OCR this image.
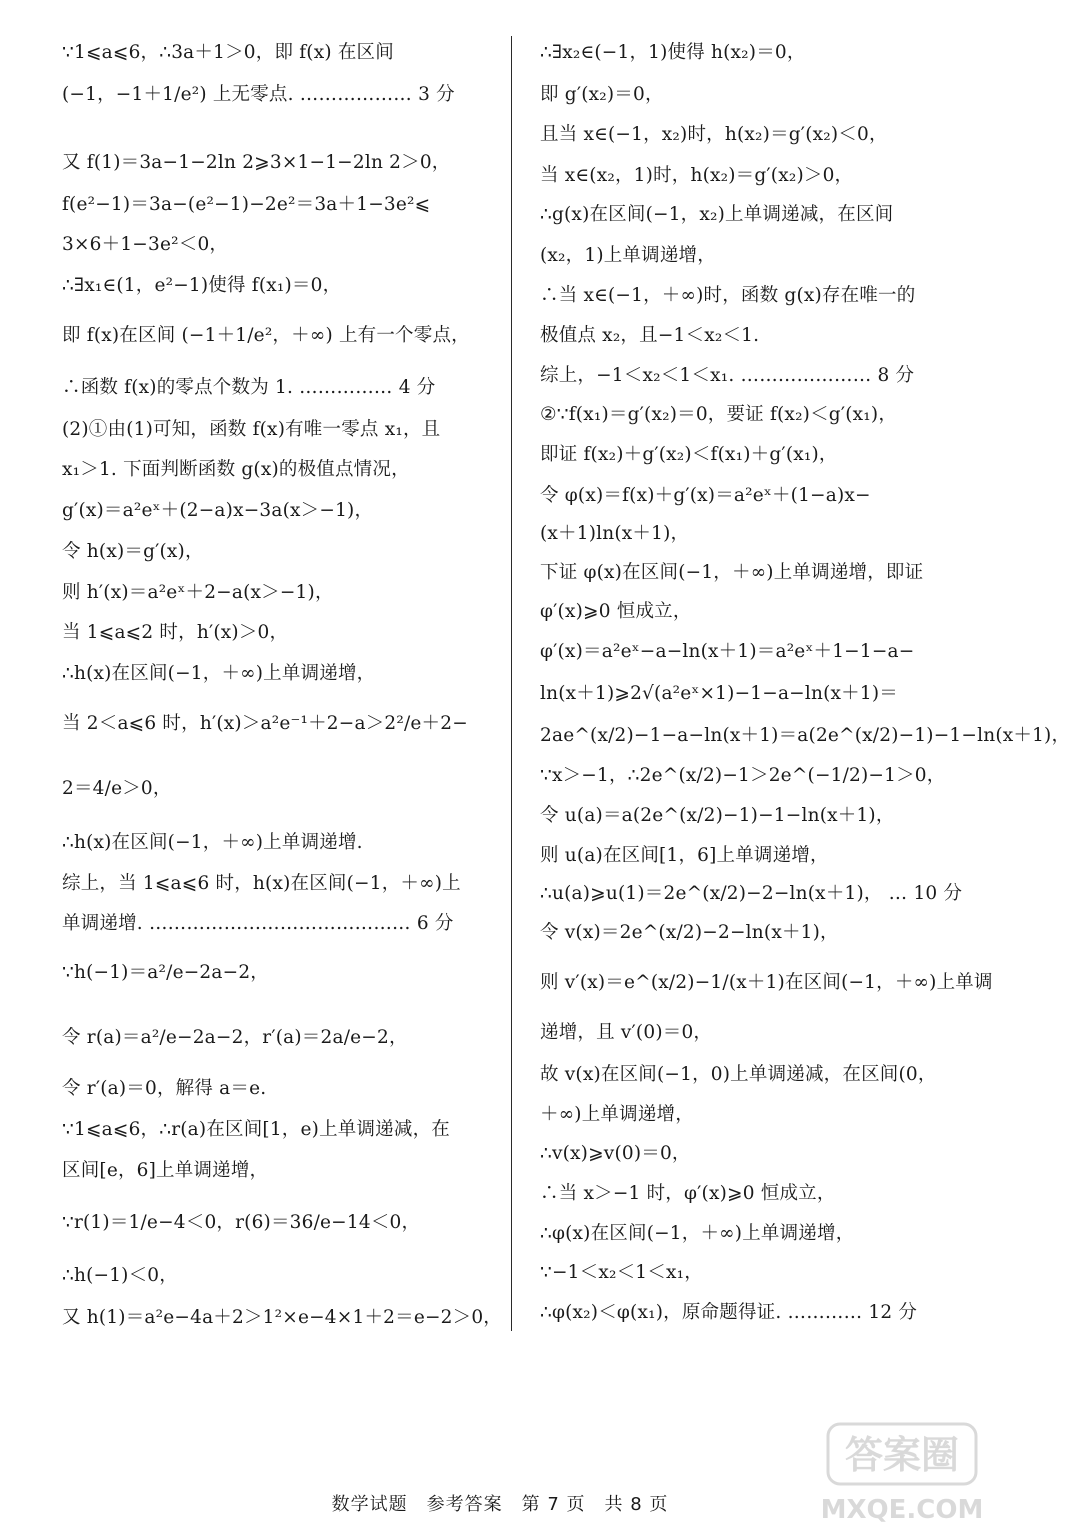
∵1⩽a⩽6，∴3a＋1＞0，即 f(x) 在区间
(−1，−1＋1/e²) 上无零点. ……………… 3 分
又 f(1)＝3a−1−2ln 2⩾3×1−1−2ln 2＞0，
f(e²−1)＝3a−(e²−1)−2e²＝3a＋1−3e²⩽
3×6＋1−3e²＜0，
∴∃x₁∈(1，e²−1)使得 f(x₁)＝0，
即 f(x)在区间 (−1＋1/e²，＋∞) 上有一个零点，
∴函数 f(x)的零点个数为 1. …………… 4 分
(2)①由(1)可知，函数 f(x)有唯一零点 x₁，且
x₁＞1. 下面判断函数 g(x)的极值点情况，
g′(x)＝a²eˣ＋(2−a)x−3a(x＞−1)，
令 h(x)＝g′(x)，
则 h′(x)＝a²eˣ＋2−a(x＞−1)，
当 1⩽a⩽2 时，h′(x)＞0，
∴h(x)在区间(−1，＋∞)上单调递增，
当 2＜a⩽6 时，h′(x)＞a²e⁻¹＋2−a＞2²/e＋2−
2＝4/e＞0，
∴h(x)在区间(−1，＋∞)上单调递增.
综上，当 1⩽a⩽6 时，h(x)在区间(−1，＋∞)上
单调递增. …………………………………… 6 分
∵h(−1)＝a²/e−2a−2，
令 r(a)＝a²/e−2a−2，r′(a)＝2a/e−2，
令 r′(a)＝0，解得 a＝e.
∵1⩽a⩽6，∴r(a)在区间[1，e)上单调递减，在
区间[e，6]上单调递增，
∵r(1)＝1/e−4＜0，r(6)＝36/e−14＜0，
∴h(−1)＜0，
又 h(1)＝a²e−4a＋2＞1²×e−4×1＋2＝e−2＞0，
∴∃x₂∈(−1，1)使得 h(x₂)＝0，
即 g′(x₂)＝0，
且当 x∈(−1，x₂)时，h(x₂)＝g′(x₂)＜0，
当 x∈(x₂，1)时，h(x₂)＝g′(x₂)＞0，
∴g(x)在区间(−1，x₂)上单调递减，在区间
(x₂，1)上单调递增，
∴当 x∈(−1，＋∞)时，函数 g(x)存在唯一的
极值点 x₂，且−1＜x₂＜1.
综上，−1＜x₂＜1＜x₁. ………………… 8 分
②∵f(x₁)＝g′(x₂)＝0，要证 f(x₂)＜g′(x₁)，
即证 f(x₂)＋g′(x₂)＜f(x₁)＋g′(x₁)，
令 φ(x)＝f(x)＋g′(x)＝a²eˣ＋(1−a)x−
(x＋1)ln(x＋1)，
下证 φ(x)在区间(−1，＋∞)上单调递增，即证
φ′(x)⩾0 恒成立，
φ′(x)＝a²eˣ−a−ln(x＋1)＝a²eˣ＋1−1−a−
ln(x＋1)⩾2√(a²eˣ×1)−1−a−ln(x＋1)＝
2ae^(x/2)−1−a−ln(x＋1)＝a(2e^(x/2)−1)−1−ln(x＋1)，
∵x＞−1，∴2e^(x/2)−1＞2e^(−1/2)−1＞0，
令 u(a)＝a(2e^(x/2)−1)−1−ln(x＋1)，
则 u(a)在区间[1，6]上单调递增，
∴u(a)⩾u(1)＝2e^(x/2)−2−ln(x＋1)， … 10 分
令 v(x)＝2e^(x/2)−2−ln(x＋1)，
则 v′(x)＝e^(x/2)−1/(x＋1)在区间(−1，＋∞)上单调
递增，且 v′(0)＝0，
故 v(x)在区间(−1，0)上单调递减，在区间(0，
＋∞)上单调递增，
∴v(x)⩾v(0)＝0，
∴当 x＞−1 时，φ′(x)⩾0 恒成立，
∴φ(x)在区间(−1，＋∞)上单调递增，
∵−1＜x₂＜1＜x₁，
∴φ(x₂)＜φ(x₁)，原命题得证. ………… 12 分
数学试题　参考答案　第 7 页　共 8 页
答案圈
MXQE.COM
